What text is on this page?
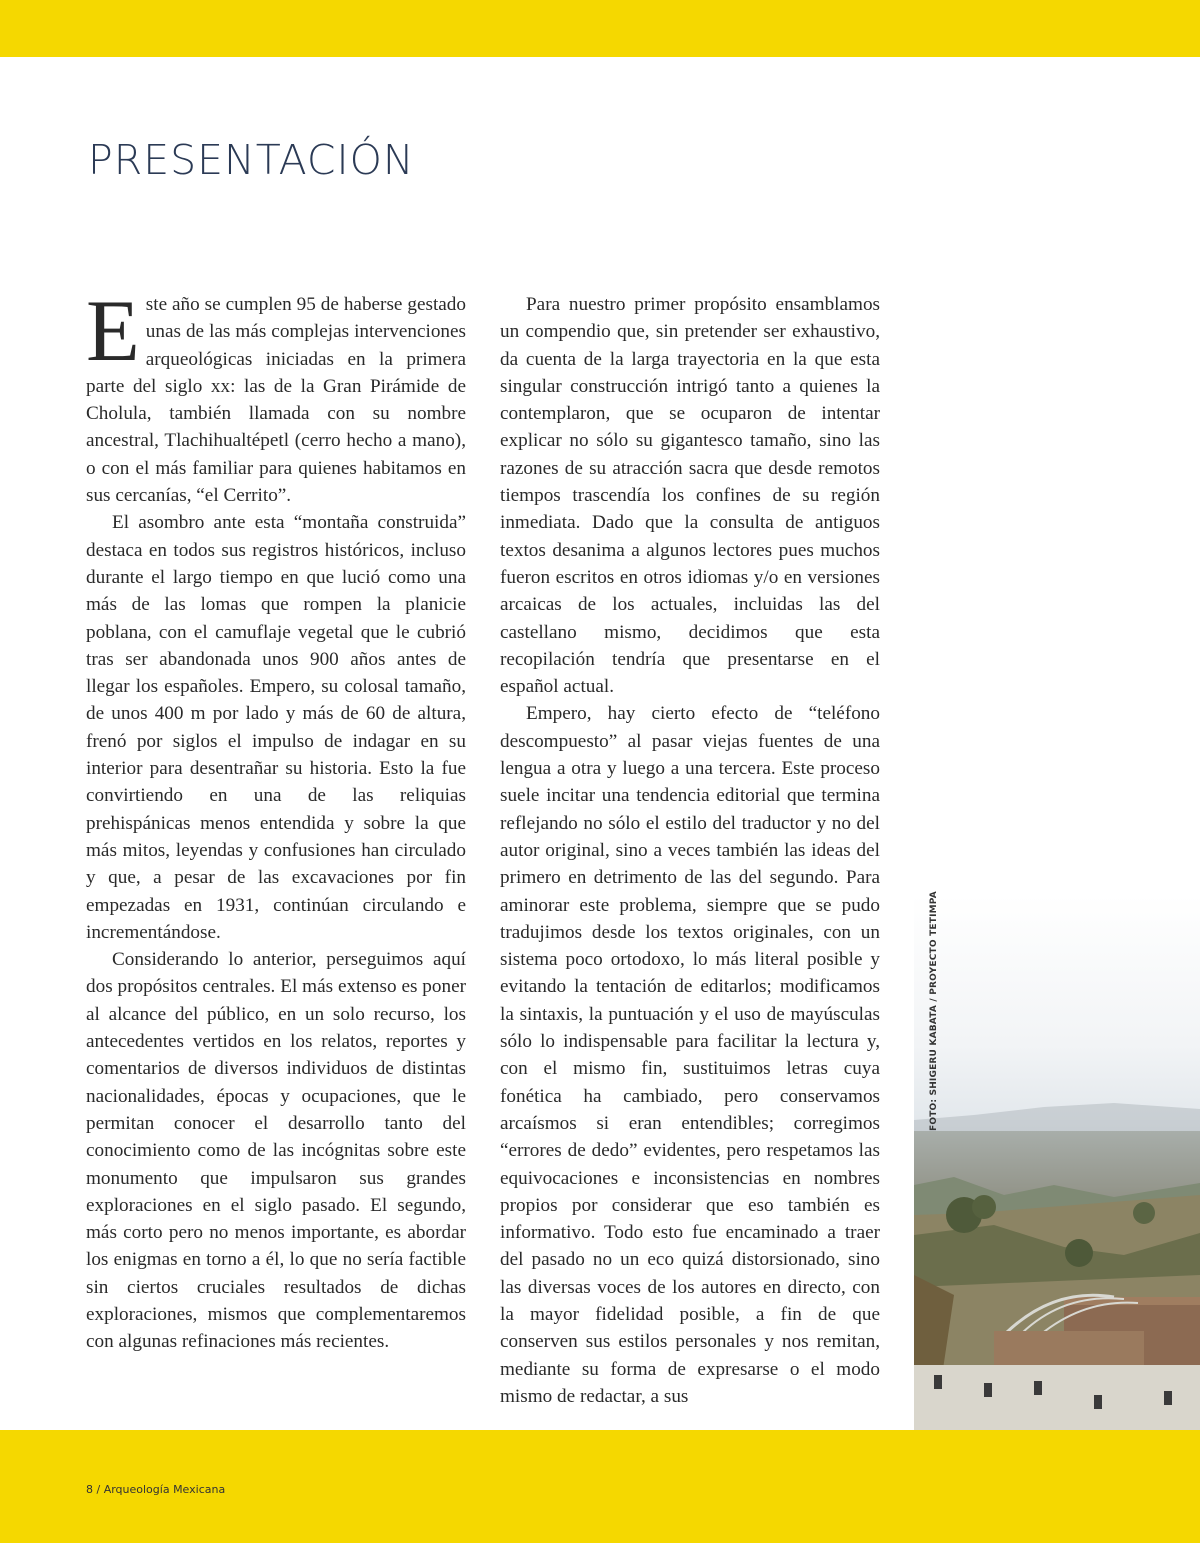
PRESENTACIÓN

Este año se cumplen 95 de haberse gestado unas de las más complejas intervenciones arqueológicas iniciadas en la primera parte del siglo xx: las de la Gran Pirámide de Cholula, también llamada con su nombre ancestral, Tlachihualtépetl (cerro hecho a mano), o con el más familiar para quienes habitamos en sus cercanías, “el Cerrito”.

El asombro ante esta “montaña construida” destaca en todos sus registros históricos, incluso durante el largo tiempo en que lució como una más de las lomas que rompen la planicie poblana, con el camuflaje vegetal que le cubrió tras ser abandonada unos 900 años antes de llegar los españoles. Empero, su colosal tamaño, de unos 400 m por lado y más de 60 de altura, frenó por siglos el impulso de indagar en su interior para desentrañar su historia. Esto la fue convirtiendo en una de las reliquias prehispánicas menos entendida y sobre la que más mitos, leyendas y confusiones han circulado y que, a pesar de las excavaciones por fin empezadas en 1931, continúan circulando e incrementándose.

Considerando lo anterior, perseguimos aquí dos propósitos centrales. El más extenso es poner al alcance del público, en un solo recurso, los antecedentes vertidos en los relatos, reportes y comentarios de diversos individuos de distintas nacionalidades, épocas y ocupaciones, que le permitan conocer el desarrollo tanto del conocimiento como de las incógnitas sobre este monumento que impulsaron sus grandes exploraciones en el siglo pasado. El segundo, más corto pero no menos importante, es abordar los enigmas en torno a él, lo que no sería factible sin ciertos cruciales resultados de dichas exploraciones, mismos que complementaremos con algunas refinaciones más recientes.

Para nuestro primer propósito ensamblamos un compendio que, sin pretender ser exhaustivo, da cuenta de la larga trayectoria en la que esta singular construcción intrigó tanto a quienes la contemplaron, que se ocuparon de intentar explicar no sólo su gigantesco tamaño, sino las razones de su atracción sacra que desde remotos tiempos trascendía los confines de su región inmediata. Dado que la consulta de antiguos textos desanima a algunos lectores pues muchos fueron escritos en otros idiomas y/o en versiones arcaicas de los actuales, incluidas las del castellano mismo, decidimos que esta recopilación tendría que presentarse en el español actual.

Empero, hay cierto efecto de “teléfono descompuesto” al pasar viejas fuentes de una lengua a otra y luego a una tercera. Este proceso suele incitar una tendencia editorial que termina reflejando no sólo el estilo del traductor y no del autor original, sino a veces también las ideas del primero en detrimento de las del segundo. Para aminorar este problema, siempre que se pudo tradujimos desde los textos originales, con un sistema poco ortodoxo, lo más literal posible y evitando la tentación de editarlos; modificamos la sintaxis, la puntuación y el uso de mayúsculas sólo lo indispensable para facilitar la lectura y, con el mismo fin, sustituimos letras cuya fonética ha cambiado, pero conservamos arcaísmos si eran entendibles; corregimos “errores de dedo” evidentes, pero respetamos las equivocaciones e inconsistencias en nombres propios por considerar que eso también es informativo. Todo esto fue encaminado a traer del pasado no un eco quizá distorsionado, sino las diversas voces de los autores en directo, con la mayor fidelidad posible, a fin de que conserven sus estilos personales y nos remitan, mediante su forma de expresarse o el modo mismo de redactar, a sus

FOTO: SHIGERU KABATA / PROYECTO TETIMPA
8 / Arqueología Mexicana
